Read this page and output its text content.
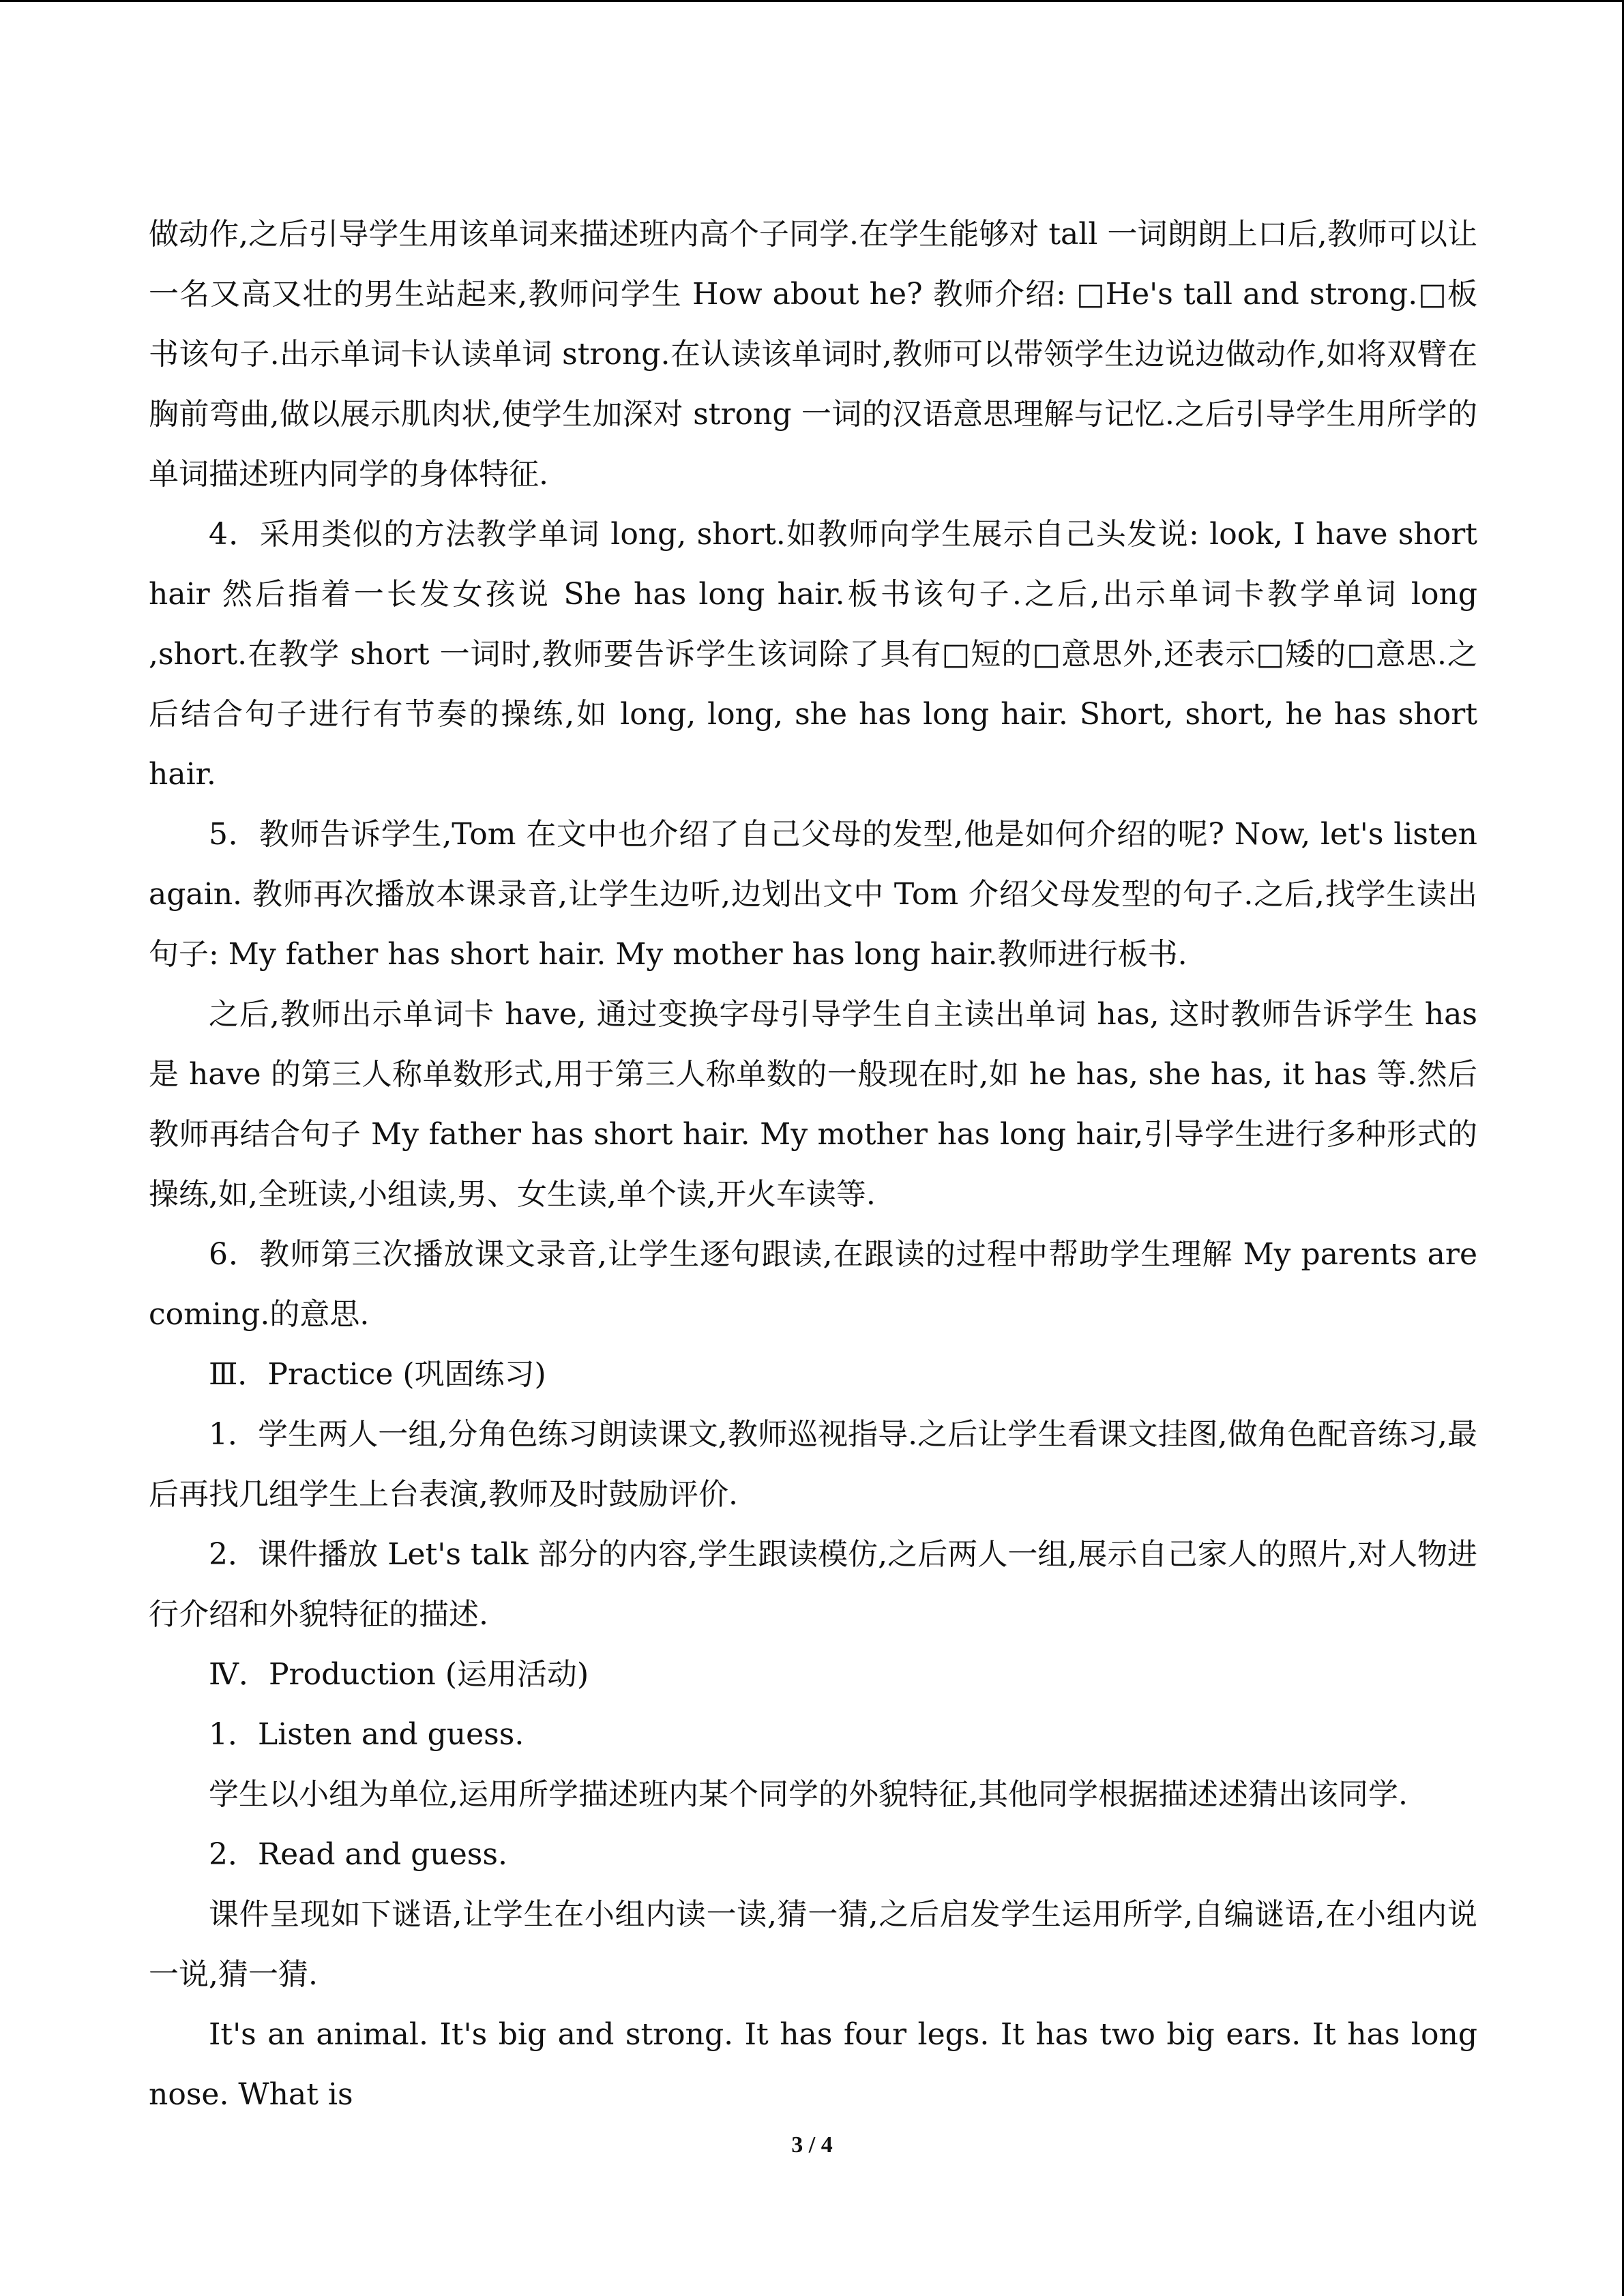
做动作,之后引导学生用该单词来描述班内高个子同学.在学生能够对 tall 一词朗朗上口后,教师可以让一名又高又壮的男生站起来,教师问学生 How about he? 教师介绍: □He's tall and strong.□板书该句子.出示单词卡认读单词 strong.在认读该单词时,教师可以带领学生边说边做动作,如将双臂在胸前弯曲,做以展示肌肉状,使学生加深对 strong 一词的汉语意思理解与记忆.之后引导学生用所学的单词描述班内同学的身体特征.

4．采用类似的方法教学单词 long, short.如教师向学生展示自己头发说: look, I have short hair 然后指着一长发女孩说 She has long hair.板书该句子.之后,出示单词卡教学单词 long ,short.在教学 short 一词时,教师要告诉学生该词除了具有□短的□意思外,还表示□矮的□意思.之后结合句子进行有节奏的操练,如 long, long, she has long hair. Short, short, he has short hair.

5．教师告诉学生,Tom 在文中也介绍了自己父母的发型,他是如何介绍的呢? Now, let's listen again. 教师再次播放本课录音,让学生边听,边划出文中 Tom 介绍父母发型的句子.之后,找学生读出句子: My father has short hair. My mother has long hair.教师进行板书.

之后,教师出示单词卡 have, 通过变换字母引导学生自主读出单词 has, 这时教师告诉学生 has 是 have 的第三人称单数形式,用于第三人称单数的一般现在时,如 he has, she has, it has 等.然后教师再结合句子 My father has short hair. My mother has long hair,引导学生进行多种形式的操练,如,全班读,小组读,男、女生读,单个读,开火车读等.

6．教师第三次播放课文录音,让学生逐句跟读,在跟读的过程中帮助学生理解 My parents are coming.的意思.

Ⅲ．Practice (巩固练习)

1．学生两人一组,分角色练习朗读课文,教师巡视指导.之后让学生看课文挂图,做角色配音练习,最后再找几组学生上台表演,教师及时鼓励评价.

2．课件播放 Let's talk 部分的内容,学生跟读模仿,之后两人一组,展示自己家人的照片,对人物进行介绍和外貌特征的描述.

Ⅳ．Production (运用活动)

1．Listen and guess.

学生以小组为单位,运用所学描述班内某个同学的外貌特征,其他同学根据描述述猜出该同学.

2．Read and guess.

课件呈现如下谜语,让学生在小组内读一读,猜一猜,之后启发学生运用所学,自编谜语,在小组内说一说,猜一猜.

It's an animal. It's big and strong. It has four legs. It has two big ears. It has long nose. What is

3 / 4
